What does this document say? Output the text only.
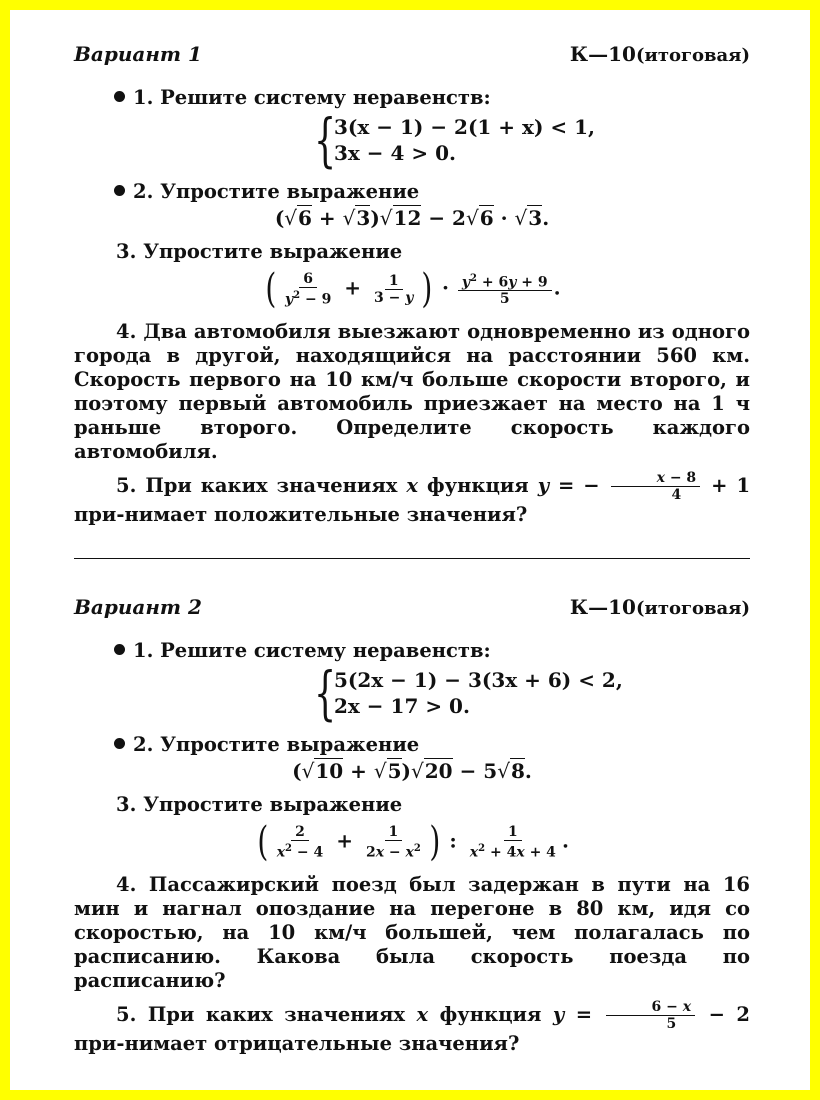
Вариант 1	К—10(итоговая)
1. Решите систему неравенств:
{
3(x − 1) − 2(1 + x) < 1,
3x − 4 > 0.
2. Упростите выражение
(√6 + √3)√12 − 2√6 · √3.
3. Упростите выражение
( $\frac{6}{y^2 - 9} + \frac{1}{3 - y}$ ) · $\frac{y^2 + 6y + 9}{5}$ .
4. Два автомобиля выезжают одновременно из одного города в другой, находящийся на расстоянии 560 км. Скорость первого на 10 км/ч больше скорости второго, и поэтому первый автомобиль приезжает на место на 1 ч раньше второго. Определите скорость каждого автомобиля.
5. При каких значениях x функция y = − $\frac{x - 8}{4} + 1$ при-нимает положительные значения?
Вариант 2	К—10(итоговая)
1. Решите систему неравенств:
{
5(2x − 1) − 3(3x + 6) < 2,
2x − 17 > 0.
2. Упростите выражение
(√10 + √5)√20 − 5√8.
3. Упростите выражение
( $\frac{2}{x^2 - 4} + \frac{1}{2x - x^2}$ ) : $\frac{1}{x^2 + 4x + 4}$ .
4. Пассажирский поезд был задержан в пути на 16 мин и нагнал опоздание на перегоне в 80 км, идя со скоростью, на 10 км/ч большей, чем полагалась по расписанию. Какова была скорость поезда по расписанию?
5. При каких значениях x функция $y = \frac{6 - x}{5} - 2$ при-нимает отрицательные значения?
